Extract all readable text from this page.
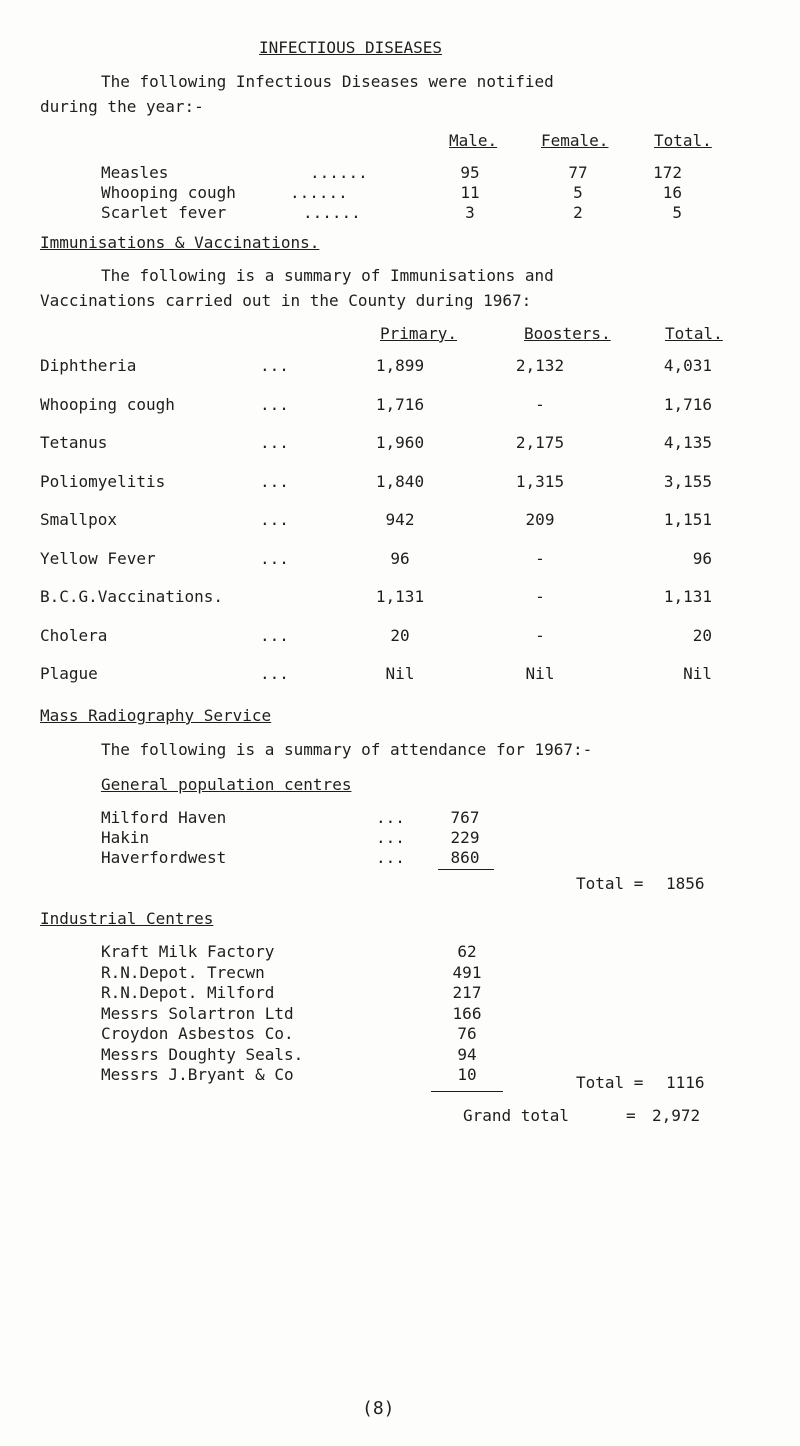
INFECTIOUS DISEASES
The following Infectious Diseases were notified
during the year:-
Male.	Female.	Total.
Measles	......	95	77	172
Whooping cough	......	11	5	16
Scarlet fever	......	3	2	5
Immunisations & Vaccinations.
The following is a summary of Immunisations and
Vaccinations carried out in the County during 1967:
Primary.	Boosters.	Total.
Diphtheria	...	1,899	2,132	4,031
Whooping cough	...	1,716	-	1,716
Tetanus	...	1,960	2,175	4,135
Poliomyelitis	...	1,840	1,315	3,155
Smallpox	...	942	209	1,151
Yellow Fever	...	96	-	96
B.C.G.Vaccinations.	1,131	-	1,131
Cholera	...	20	-	20
Plague	...	Nil	Nil	Nil
Mass Radiography Service
The following is a summary of attendance for 1967:-
General population centres
Milford Haven	...	767
Hakin	...	229
Haverfordwest	...	860
Total = 1856
Industrial Centres
Kraft Milk Factory	62
R.N.Depot. Trecwn	491
R.N.Depot. Milford	217
Messrs Solartron Ltd	166
Croydon Asbestos Co.	76
Messrs Doughty Seals.	94
Messrs J.Bryant & Co	10	Total = 1116
Grand total	= 2,972
(8)
